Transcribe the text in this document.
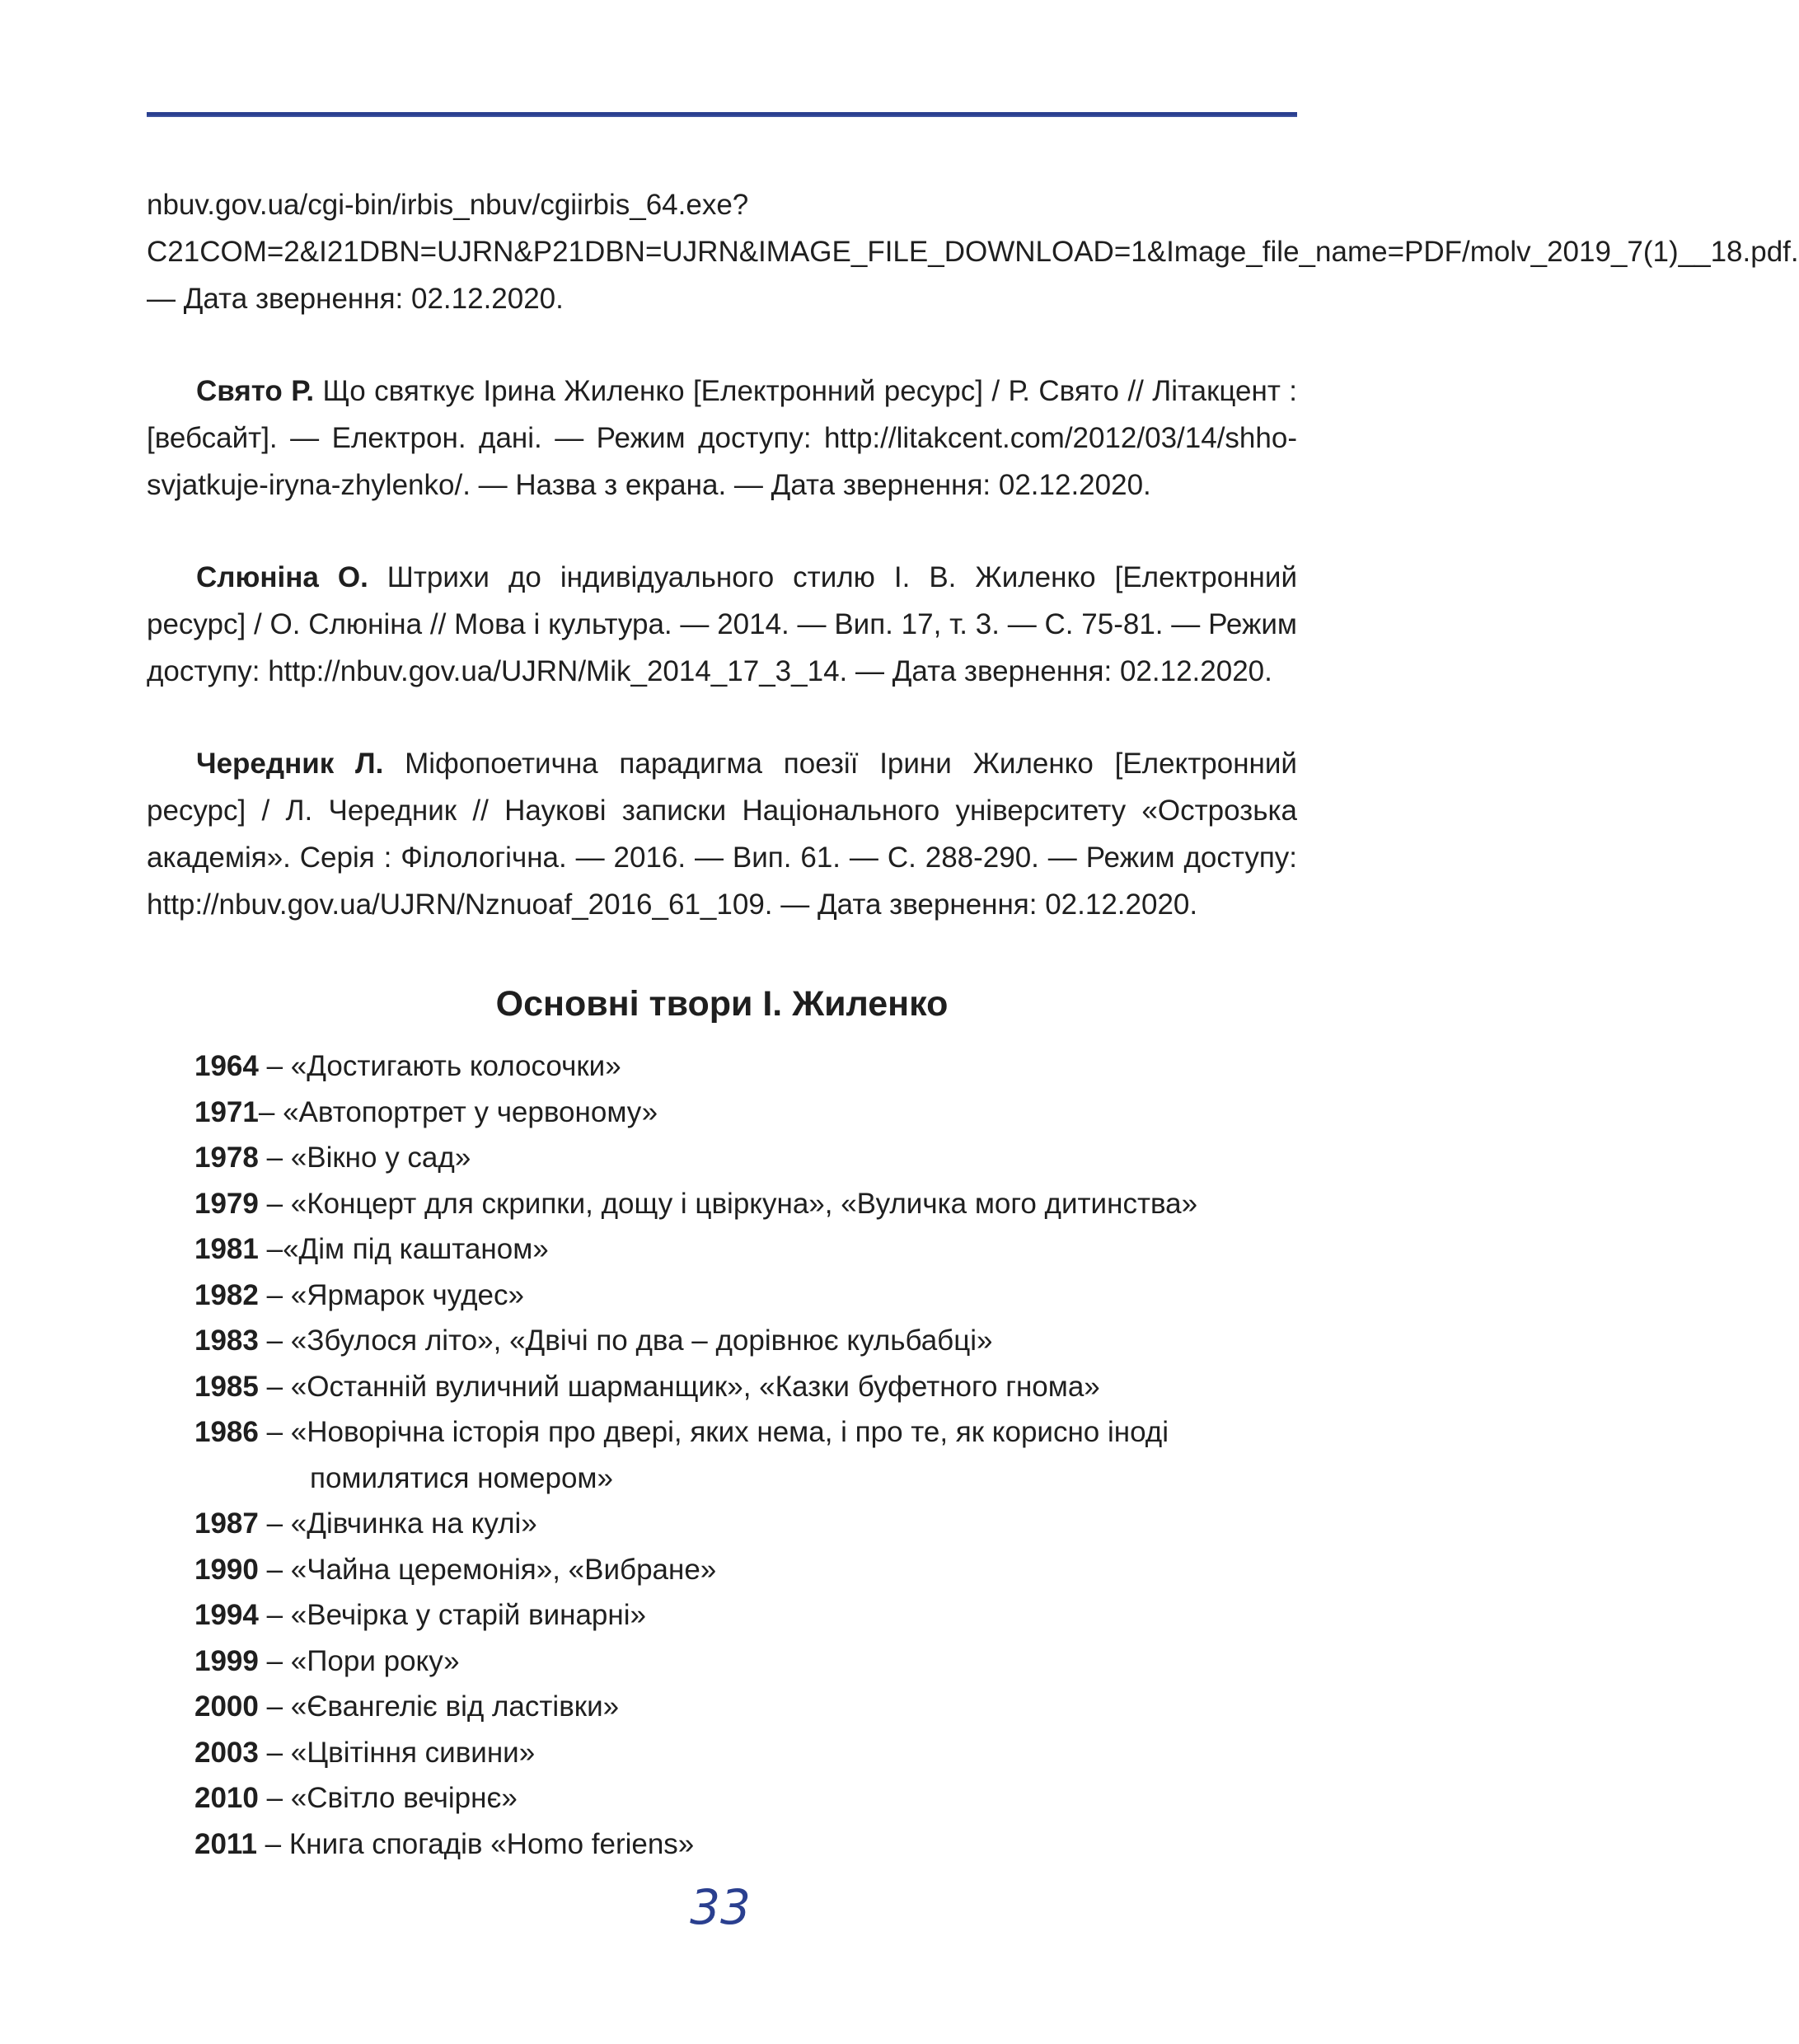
nbuv.gov.ua/cgi-bin/irbis_nbuv/cgiirbis_64.exe?C21COM=2&I21DBN=UJRN&P21DBN=UJRN&IMAGE_FILE_DOWNLOAD=1&Image_file_name=PDF/molv_2019_7(1)__18.pdf. — Дата звернення: 02.12.2020.

Свято Р. Що святкує Ірина Жиленко [Електронний ресурс] / Р. Свято // Літакцент : [вебсайт]. — Електрон. дані. — Режим доступу: http://litakcent.com/2012/03/14/shho-svjatkuje-iryna-zhylenko/. — Назва з екрана. — Дата звернення: 02.12.2020.

Слюніна О. Штрихи до індивідуального стилю І. В. Жиленко [Електронний ресурс] / О. Слюніна // Мова і культура. — 2014. — Вип. 17, т. 3. — С. 75-81. — Режим доступу: http://nbuv.gov.ua/UJRN/Mik_2014_17_3_14. — Дата звернення: 02.12.2020.

Чередник Л. Міфопоетична парадигма поезії Ірини Жиленко [Електронний ресурс] / Л. Чередник // Наукові записки Національного університету «Острозька академія». Серія : Філологічна. — 2016. — Вип. 61. — С. 288-290. — Режим доступу: http://nbuv.gov.ua/UJRN/Nznuoaf_2016_61_109. — Дата звернення: 02.12.2020.

Основні твори І. Жиленко
1964 – «Достигають колосочки»
1971– «Автопортрет у червоному»
1978 – «Вікно у сад»
1979 – «Концерт для скрипки, дощу і цвіркуна», «Вуличка мого дитинства»
1981 –«Дім під каштаном»
1982 – «Ярмарок чудес»
1983 – «Збулося літо», «Двічі по два – дорівнює кульбабці»
1985 – «Останній вуличний шарманщик», «Казки буфетного гнома»
1986 – «Новорічна історія про двері, яких нема, і про те, як корисно іноді помилятися номером»
1987 – «Дівчинка на кулі»
1990 – «Чайна церемонія», «Вибране»
1994 – «Вечірка у старій винарні»
1999 – «Пори року»
2000 – «Євангеліє від ластівки»
2003 – «Цвітіння сивини»
2010 – «Світло вечірнє»
2011 – Книга спогадів «Homo feriens»
33
